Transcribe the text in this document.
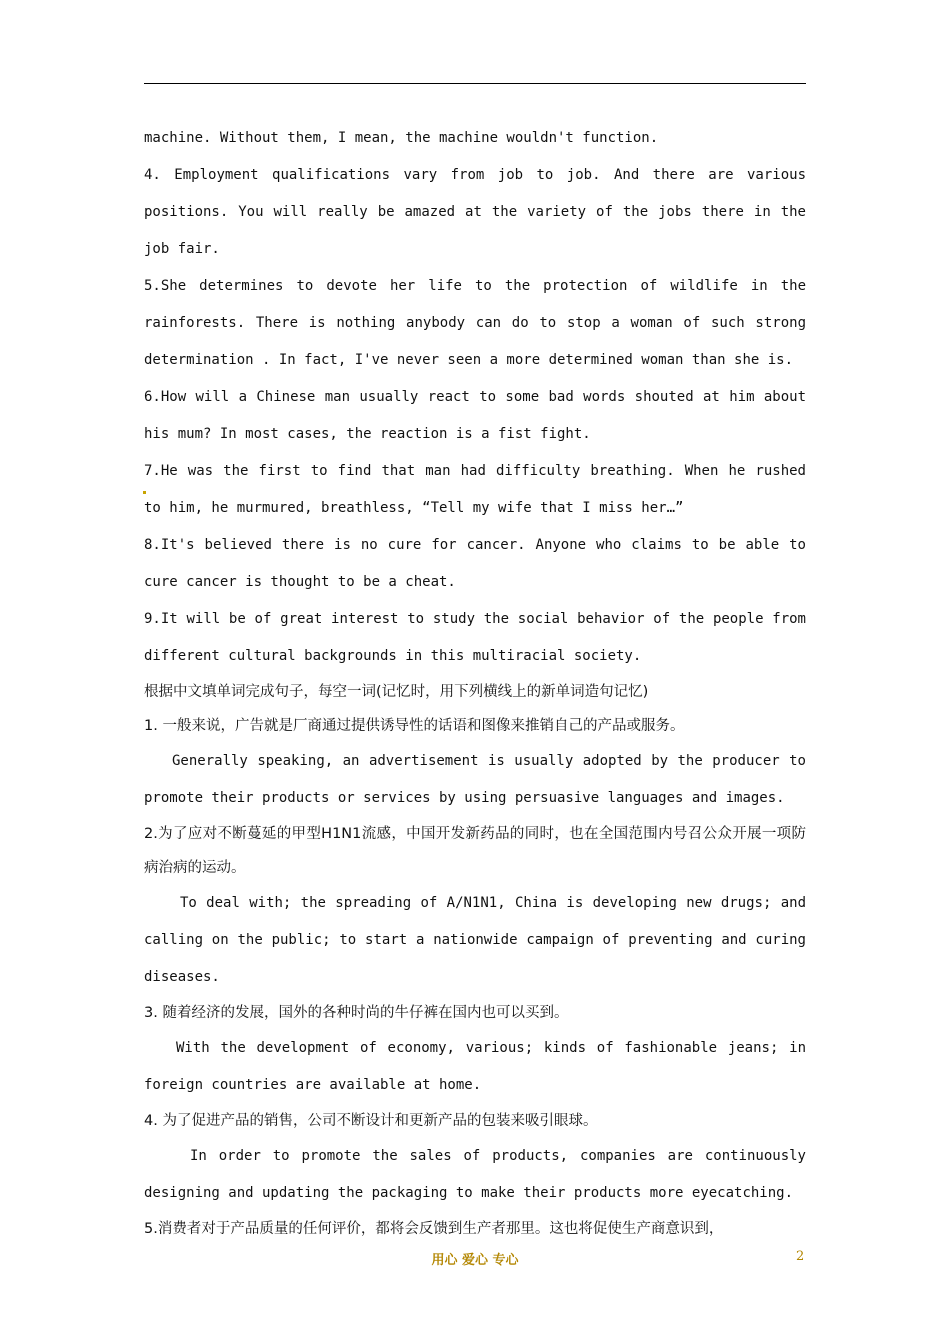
machine. Without them, I mean, the machine wouldn't function.

4. Employment qualifications vary from job to job. And there are various positions. You will really be amazed at the variety of the jobs there in the job fair.

5.She determines to devote her life to the protection of wildlife in the rainforests. There is nothing anybody can do to stop a woman of such strong determination . In fact, I've never seen a more determined woman than she is.

6.How will a Chinese man usually react to some bad words shouted at him about his mum? In most cases, the reaction is a fist fight.

7.He was the first to find that man had difficulty breathing. When he rushed to him, he murmured, breathless, “Tell my wife that I miss her…”

8.It's believed there is no cure for cancer. Anyone who claims to be able to cure cancer is thought to be a cheat.

9.It will be of great interest to study the social behavior of the people from different cultural backgrounds in this multiracial society.

根据中文填单词完成句子，每空一词(记忆时，用下列横线上的新单词造句记忆)

1. 一般来说，广告就是厂商通过提供诱导性的话语和图像来推销自己的产品或服务。

Generally speaking, an advertisement is usually adopted by the producer to promote their products or services by using persuasive languages and images.

2.为了应对不断蔓延的甲型H1N1流感，中国开发新药品的同时，也在全国范围内号召公众开展一项防病治病的运动。

To deal with; the spreading of A/N1N1, China is developing new drugs; and calling on the public; to start a nationwide campaign of preventing and curing diseases.

3. 随着经济的发展，国外的各种时尚的牛仔裤在国内也可以买到。

With the development of economy, various; kinds of fashionable jeans; in foreign countries are available at home.

4. 为了促进产品的销售，公司不断设计和更新产品的包装来吸引眼球。

In order to promote the sales of products, companies are continuously designing and updating the packaging to make their products more eyecatching.

5.消费者对于产品质量的任何评价，都将会反馈到生产者那里。这也将促使生产商意识到，

用心 爱心 专心	2
